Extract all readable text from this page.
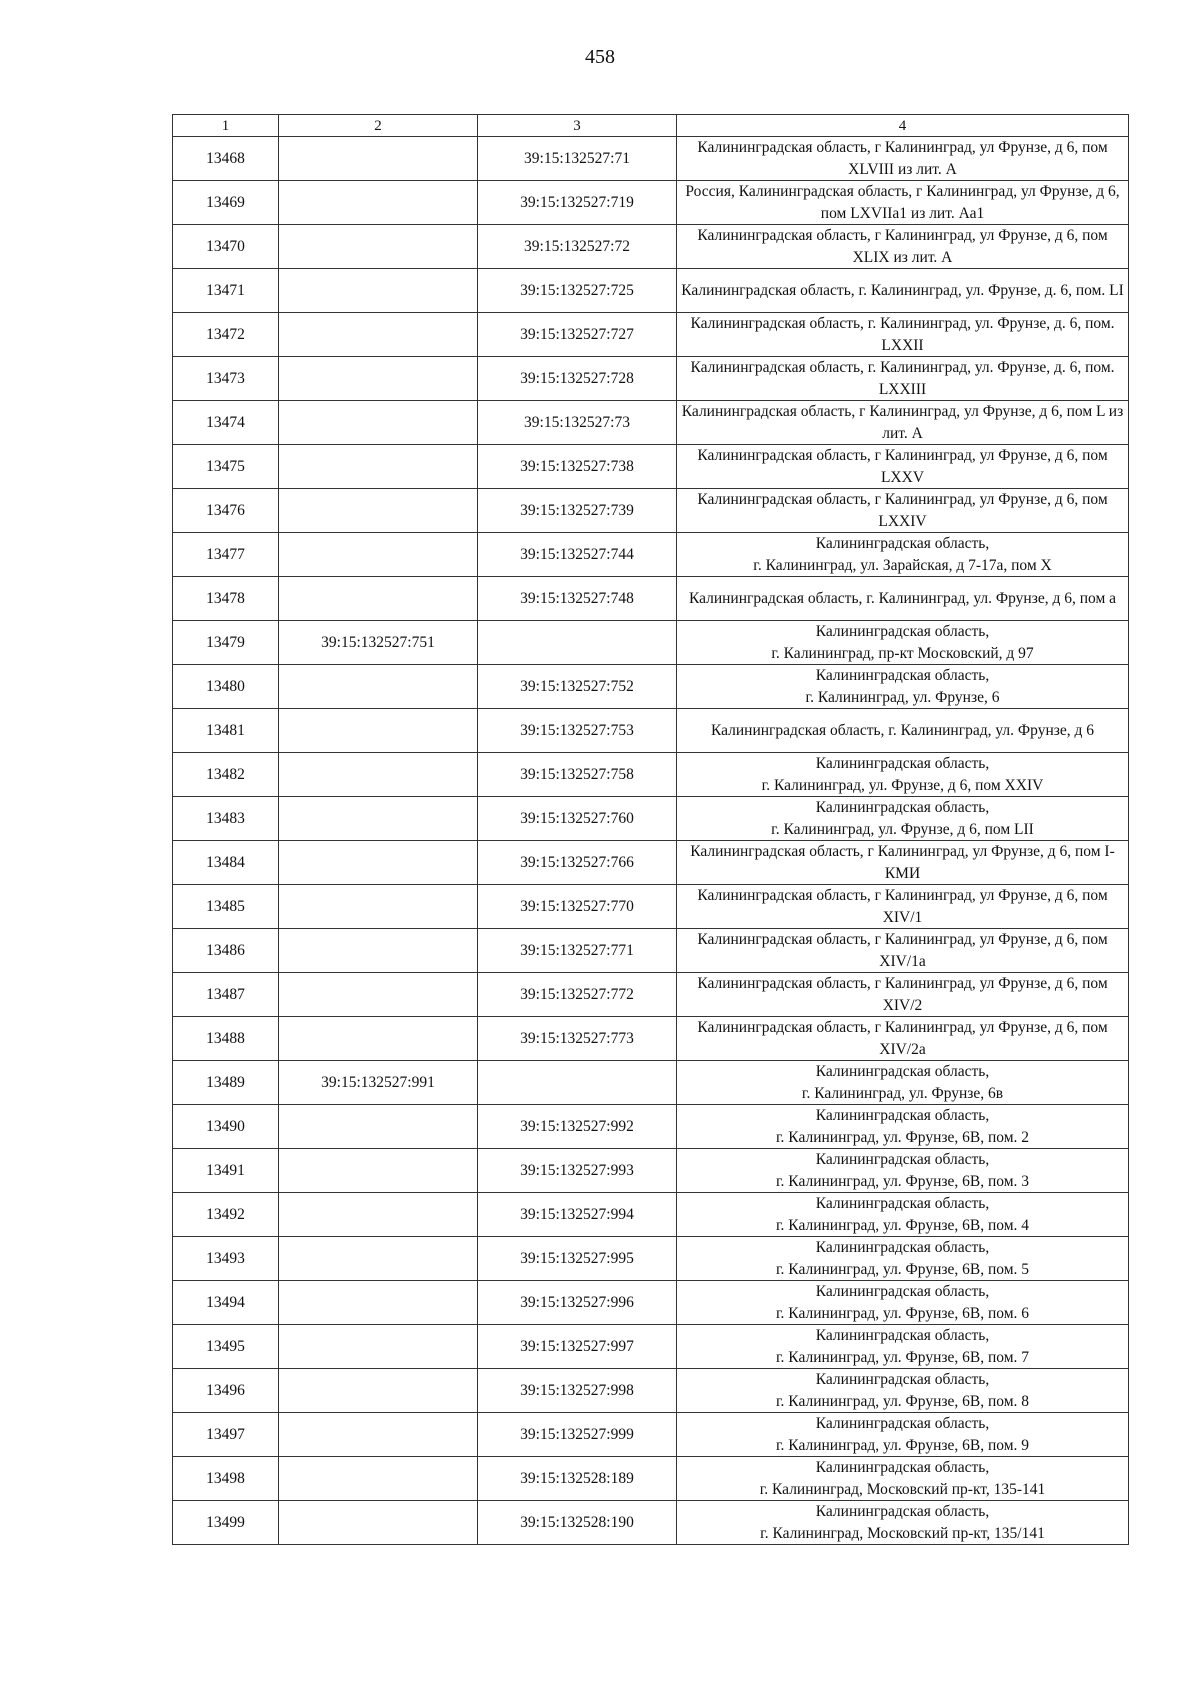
458
1	2	3	4
13468		39:15:132527:71	Калининградская область, г Калининград, ул Фрунзе, д 6, пом XLVIII из лит. А
13469		39:15:132527:719	Россия, Калининградская область, г Калининград, ул Фрунзе, д 6, пом LXVIIa1 из лит. Аа1
13470		39:15:132527:72	Калининградская область, г Калининград, ул Фрунзе, д 6, пом XLIX из лит. А
13471		39:15:132527:725	Калининградская область, г. Калининград, ул. Фрунзе, д. 6, пом. LI
13472		39:15:132527:727	Калининградская область, г. Калининград, ул. Фрунзе, д. 6, пом. LXXII
13473		39:15:132527:728	Калининградская область, г. Калининград, ул. Фрунзе, д. 6, пом. LXXIII
13474		39:15:132527:73	Калининградская область, г Калининград, ул Фрунзе, д 6, пом L из лит. А
13475		39:15:132527:738	Калининградская область, г Калининград, ул Фрунзе, д 6, пом LXXV
13476		39:15:132527:739	Калининградская область, г Калининград, ул Фрунзе, д 6, пом LXXIV
13477		39:15:132527:744	Калининградская область,
г. Калининград, ул. Зарайская, д 7-17а, пом X
13478		39:15:132527:748	Калининградская область, г. Калининград, ул. Фрунзе, д 6, пом а
13479	39:15:132527:751		Калининградская область,
г. Калининград, пр-кт Московский, д 97
13480		39:15:132527:752	Калининградская область,
г. Калининград, ул. Фрунзе, 6
13481		39:15:132527:753	Калининградская область, г. Калининград, ул. Фрунзе, д 6
13482		39:15:132527:758	Калининградская область,
г. Калининград, ул. Фрунзе, д 6, пом XXIV
13483		39:15:132527:760	Калининградская область,
г. Калининград, ул. Фрунзе, д 6, пом LII
13484		39:15:132527:766	Калининградская область, г Калининград, ул Фрунзе, д 6, пом I-КМИ
13485		39:15:132527:770	Калининградская область, г Калининград, ул Фрунзе, д 6, пом XIV/1
13486		39:15:132527:771	Калининградская область, г Калининград, ул Фрунзе, д 6, пом XIV/1а
13487		39:15:132527:772	Калининградская область, г Калининград, ул Фрунзе, д 6, пом XIV/2
13488		39:15:132527:773	Калининградская область, г Калининград, ул Фрунзе, д 6, пом XIV/2а
13489	39:15:132527:991		Калининградская область,
г. Калининград, ул. Фрунзе, 6в
13490		39:15:132527:992	Калининградская область,
г. Калининград, ул. Фрунзе, 6В, пом. 2
13491		39:15:132527:993	Калининградская область,
г. Калининград, ул. Фрунзе, 6В, пом. 3
13492		39:15:132527:994	Калининградская область,
г. Калининград, ул. Фрунзе, 6В, пом. 4
13493		39:15:132527:995	Калининградская область,
г. Калининград, ул. Фрунзе, 6В, пом. 5
13494		39:15:132527:996	Калининградская область,
г. Калининград, ул. Фрунзе, 6В, пом. 6
13495		39:15:132527:997	Калининградская область,
г. Калининград, ул. Фрунзе, 6В, пом. 7
13496		39:15:132527:998	Калининградская область,
г. Калининград, ул. Фрунзе, 6В, пом. 8
13497		39:15:132527:999	Калининградская область,
г. Калининград, ул. Фрунзе, 6В, пом. 9
13498		39:15:132528:189	Калининградская область,
г. Калининград, Московский пр-кт, 135-141
13499		39:15:132528:190	Калининградская область,
г. Калининград, Московский пр-кт, 135/141
